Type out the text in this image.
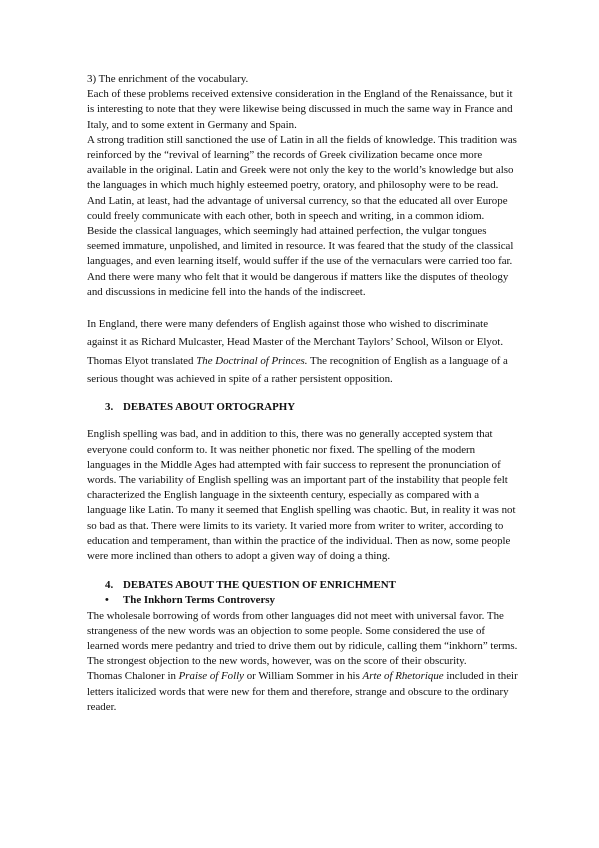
3) The enrichment of the vocabulary.

Each of these problems received extensive consideration in the England of the Renaissance, but it is interesting to note that they were likewise being discussed in much the same way in France and Italy, and to some extent in Germany and Spain.

A strong tradition still sanctioned the use of Latin in all the fields of knowledge. This tradition was reinforced by the “revival of learning” the records of Greek civilization became once more available in the original. Latin and Greek were not only the key to the world’s knowledge but also the languages in which much highly esteemed poetry, oratory, and philosophy were to be read. And Latin, at least, had the advantage of universal currency, so that the educated all over Europe could freely communicate with each other, both in speech and writing, in a common idiom.

Beside the classical languages, which seemingly had attained perfection, the vulgar tongues seemed immature, unpolished, and limited in resource. It was feared that the study of the classical languages, and even learning itself, would suffer if the use of the vernaculars were carried too far. And there were many who felt that it would be dangerous if matters like the disputes of theology and discussions in medicine fell into the hands of the indiscreet.

In England, there were many defenders of English against those who wished to discriminate against it as Richard Mulcaster, Head Master of the Merchant Taylors’ School, Wilson or Elyot. Thomas Elyot translated The Doctrinal of Princes. The recognition of English as a language of a serious thought was achieved in spite of a rather persistent opposition.

3. DEBATES ABOUT ORTOGRAPHY

English spelling was bad, and in addition to this, there was no generally accepted system that everyone could conform to. It was neither phonetic nor fixed. The spelling of the modern languages in the Middle Ages had attempted with fair success to represent the pronunciation of words. The variability of English spelling was an important part of the instability that people felt characterized the English language in the sixteenth century, especially as compared with a language like Latin. To many it seemed that English spelling was chaotic. But, in reality it was not so bad as that. There were limits to its variety. It varied more from writer to writer, according to education and temperament, than within the practice of the individual. Then as now, some people were more inclined than others to adopt a given way of doing a thing.

4. DEBATES ABOUT THE QUESTION OF ENRICHMENT
•	The Inkhorn Terms Controversy

The wholesale borrowing of words from other languages did not meet with universal favor. The strangeness of the new words was an objection to some people. Some considered the use of learned words mere pedantry and tried to drive them out by ridicule, calling them “inkhorn” terms. The strongest objection to the new words, however, was on the score of their obscurity.

Thomas Chaloner in Praise of Folly or William Sommer in his Arte of Rhetorique included in their letters italicized words that were new for them and therefore, strange and obscure to the ordinary reader.
